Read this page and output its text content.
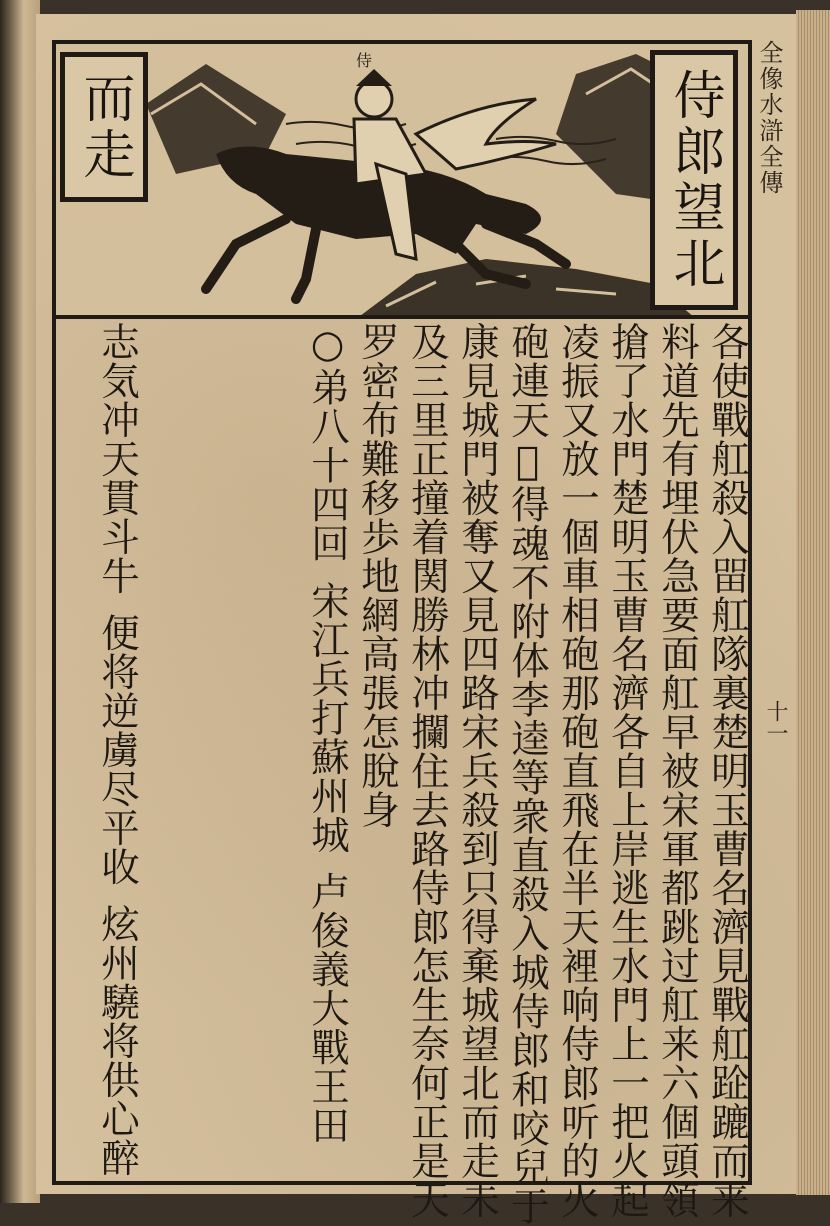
全像水滸全傳
十一
侍
侍郎望北
而走
各使戰舡殺入㽞舡隊裏楚明玉曹名濟見戰舡𨀣蹗而来
料道先有埋伏急要面舡早被宋軍都跳过舡来六個頭領
搶了水門楚明玉曹名濟各自上岸逃生水門上一把火起
凌振又放一個車相砲那砲直飛在半天裡响侍郎听的火
砲連天𠴊得魂不附体李逵等衆直殺入城侍郎和咬兒于
康見城門被奪又見四路宋兵殺到只得棄城望北而走未
及三里正撞着関勝林冲攔住去路侍郎怎生奈何正是天
罗密布難移歩地網高張怎脫身
○弟八十四回宋江兵打蘇州城卢俊義大戰王田
志気冲天貫斗牛便将逆虜尽平收炫州驍将供心醉
